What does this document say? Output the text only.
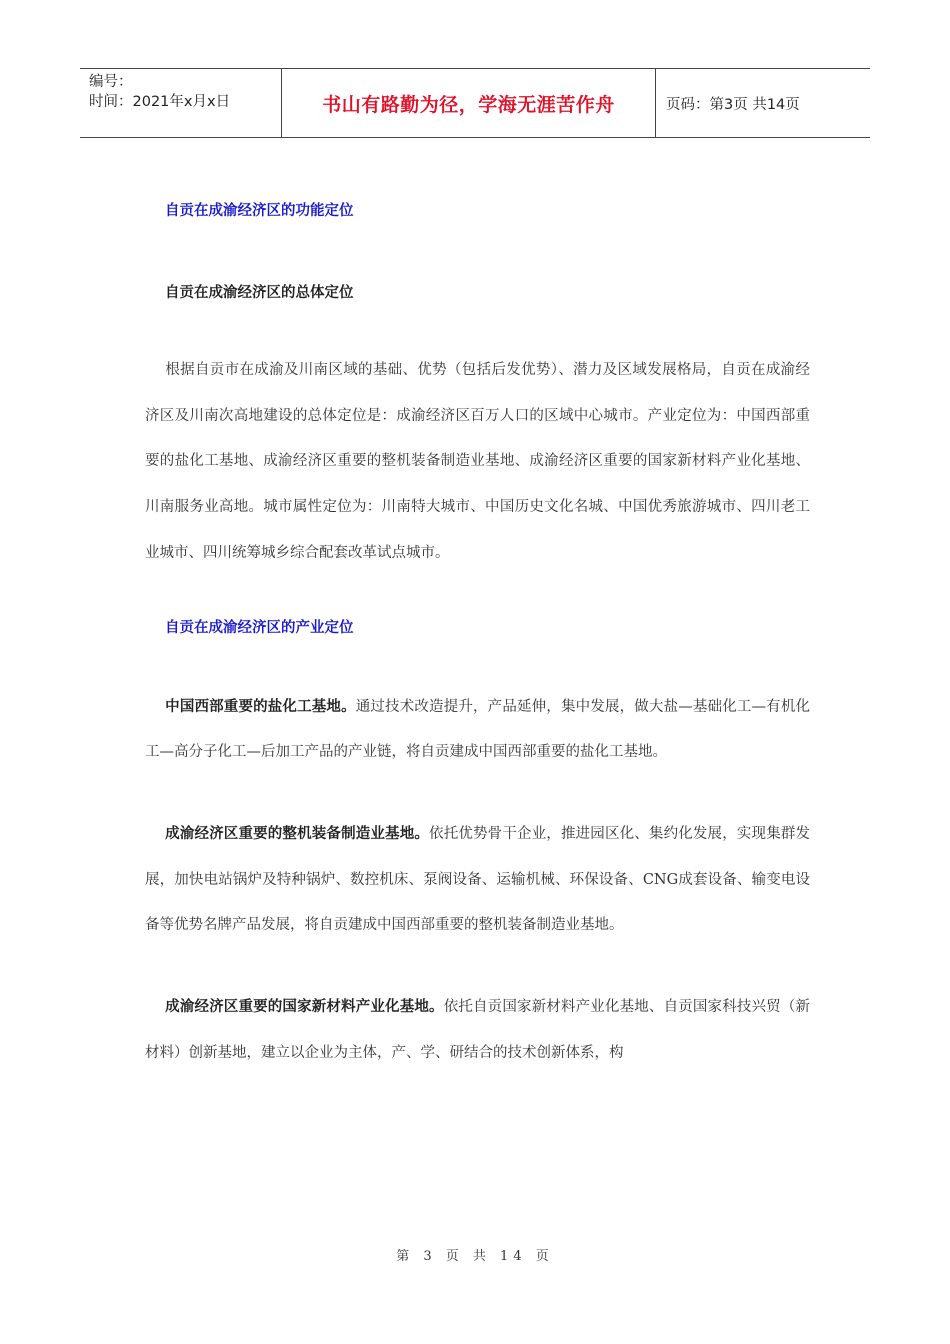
编号：
时间：2021年x月x日	书山有路勤为径，学海无涯苦作舟	页码：第3页 共14页
自贡在成渝经济区的功能定位
自贡在成渝经济区的总体定位
根据自贡市在成渝及川南区域的基础、优势（包括后发优势）、潜力及区域发展格局，自贡在成渝经济区及川南次高地建设的总体定位是：成渝经济区百万人口的区域中心城市。产业定位为：中国西部重要的盐化工基地、成渝经济区重要的整机装备制造业基地、成渝经济区重要的国家新材料产业化基地、川南服务业高地。城市属性定位为：川南特大城市、中国历史文化名城、中国优秀旅游城市、四川老工业城市、四川统筹城乡综合配套改革试点城市。
自贡在成渝经济区的产业定位
中国西部重要的盐化工基地。通过技术改造提升，产品延伸，集中发展，做大盐—基础化工—有机化工—高分子化工—后加工产品的产业链，将自贡建成中国西部重要的盐化工基地。
成渝经济区重要的整机装备制造业基地。依托优势骨干企业，推进园区化、集约化发展，实现集群发展，加快电站锅炉及特种锅炉、数控机床、泵阀设备、运输机械、环保设备、CNG成套设备、输变电设备等优势名牌产品发展，将自贡建成中国西部重要的整机装备制造业基地。
成渝经济区重要的国家新材料产业化基地。依托自贡国家新材料产业化基地、自贡国家科技兴贸（新材料）创新基地，建立以企业为主体，产、学、研结合的技术创新体系，构
第 3 页 共 14 页
